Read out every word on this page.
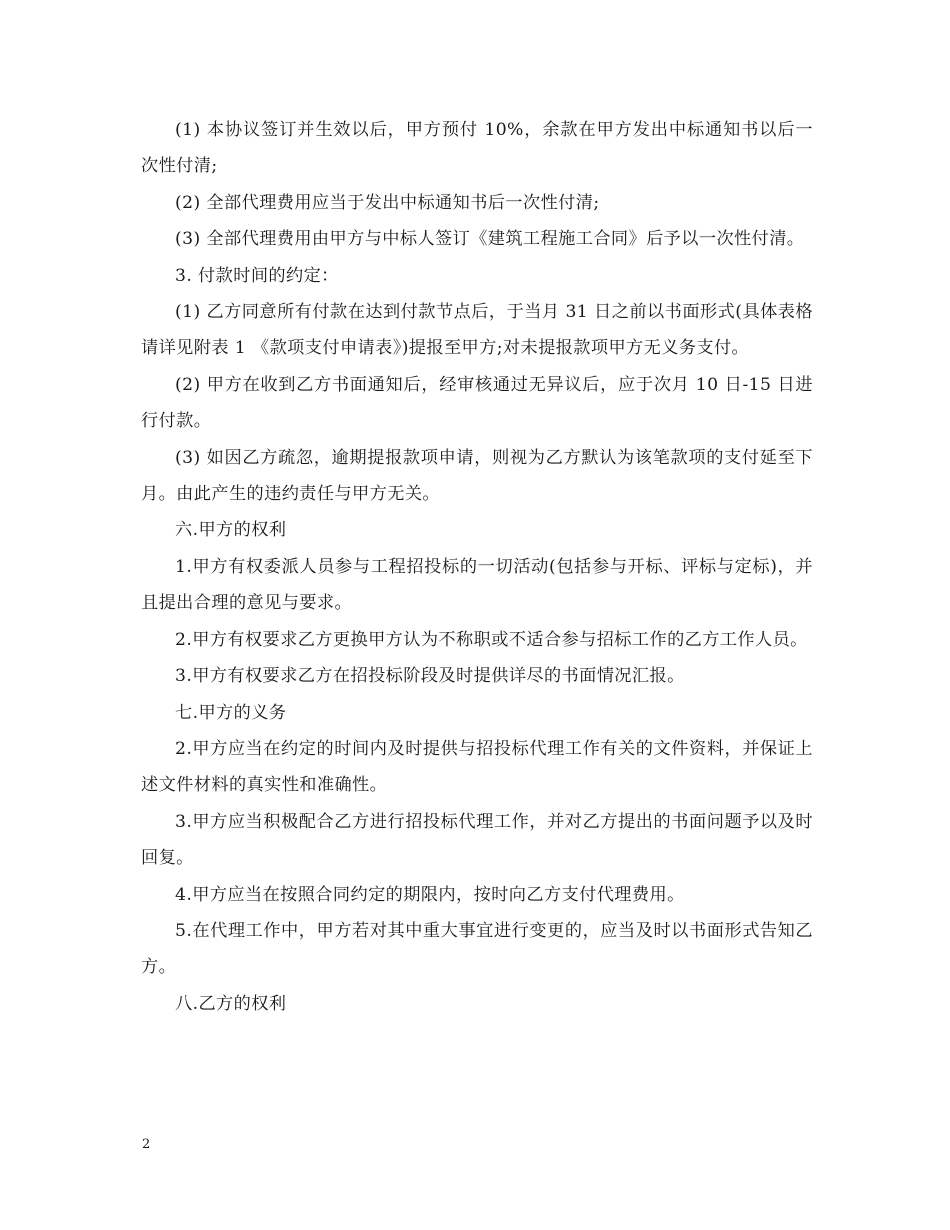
(1) 本协议签订并生效以后，甲方预付 10%，余款在甲方发出中标通知书以后一次性付清;

(2) 全部代理费用应当于发出中标通知书后一次性付清;

(3) 全部代理费用由甲方与中标人签订《建筑工程施工合同》后予以一次性付清。

3. 付款时间的约定：

(1) 乙方同意所有付款在达到付款节点后，于当月 31 日之前以书面形式(具体表格请详见附表 1 《款项支付申请表》)提报至甲方;对未提报款项甲方无义务支付。

(2) 甲方在收到乙方书面通知后，经审核通过无异议后，应于次月 10 日-15 日进行付款。

(3) 如因乙方疏忽，逾期提报款项申请，则视为乙方默认为该笔款项的支付延至下月。由此产生的违约责任与甲方无关。

六.甲方的权利

1.甲方有权委派人员参与工程招投标的一切活动(包括参与开标、评标与定标)，并且提出合理的意见与要求。

2.甲方有权要求乙方更换甲方认为不称职或不适合参与招标工作的乙方工作人员。

3.甲方有权要求乙方在招投标阶段及时提供详尽的书面情况汇报。

七.甲方的义务

2.甲方应当在约定的时间内及时提供与招投标代理工作有关的文件资料，并保证上述文件材料的真实性和准确性。

3.甲方应当积极配合乙方进行招投标代理工作，并对乙方提出的书面问题予以及时回复。

4.甲方应当在按照合同约定的期限内，按时向乙方支付代理费用。

5.在代理工作中，甲方若对其中重大事宜进行变更的，应当及时以书面形式告知乙方。

八.乙方的权利

2
